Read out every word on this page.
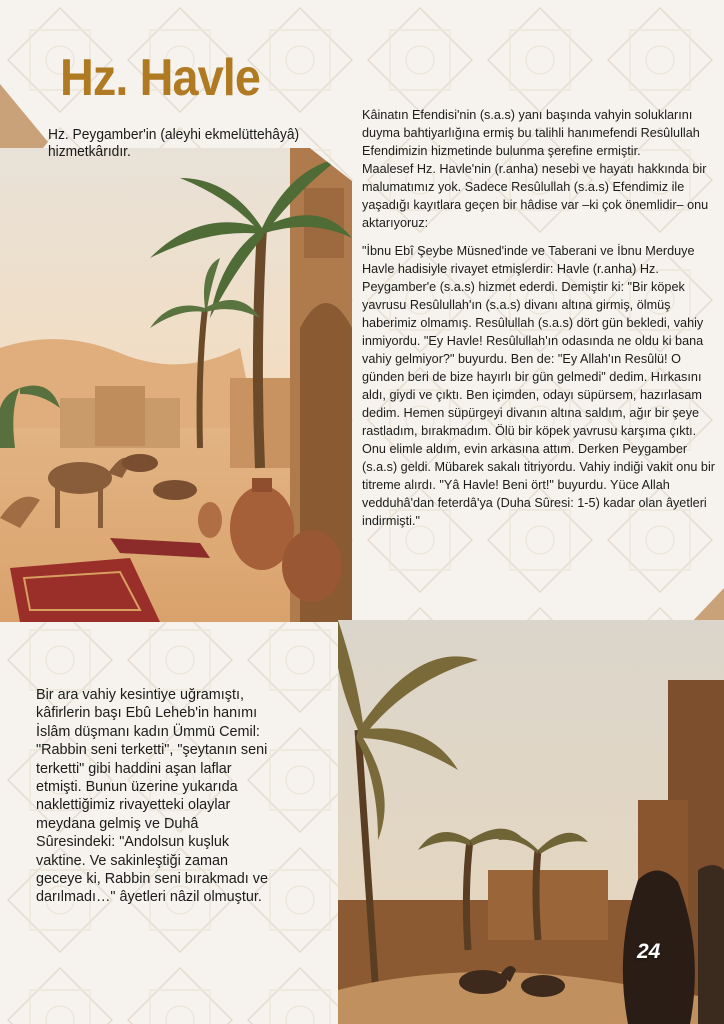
Hz. Havle
Hz. Peygamber'in (aleyhi ekmelüttehâyâ) hizmetkârıdır.

Kâinatın Efendisi'nin (s.a.s) yanı başında vahyin soluklarını duyma bahtiyarlığına ermiş bu talihli hanımefendi Resûlullah Efendimizin hizmetinde bulunma şerefine ermiştir.

Maalesef Hz. Havle'nin (r.anha) nesebi ve hayatı hakkında bir malumatımız yok. Sadece Resûlullah (s.a.s) Efendimiz ile yaşadığı kayıtlara geçen bir hâdise var –ki çok önemlidir– onu aktarıyoruz:

"İbnu Ebî Şeybe Müsned'inde ve Taberani ve İbnu Merduye Havle hadisiyle rivayet etmişlerdir: Havle (r.anha) Hz. Peygamber'e (s.a.s) hizmet ederdi. Demiştir ki: "Bir köpek yavrusu Resûlullah'ın (s.a.s) divanı altına girmiş, ölmüş haberimiz olmamış. Resûlullah (s.a.s) dört gün bekledi, vahiy inmiyordu. "Ey Havle! Resûlullah'ın odasında ne oldu ki bana vahiy gelmiyor?" buyurdu. Ben de: "Ey Allah'ın Resûlü! O günden beri de bize hayırlı bir gün gelmedi" dedim. Hırkasını aldı, giydi ve çıktı. Ben içimden, odayı süpürsem, hazırlasam dedim. Hemen süpürgeyi divanın altına saldım, ağır bir şeye rastladım, bırakmadım. Ölü bir köpek yavrusu karşıma çıktı. Onu elimle aldım, evin arkasına attım. Derken Peygamber (s.a.s) geldi. Mübarek sakalı titriyordu. Vahiy indiği vakit onu bir titreme alırdı. "Yâ Havle! Beni ört!" buyurdu. Yüce Allah vedduhâ'dan feterdâ'ya (Duha Sûresi: 1-5) kadar olan âyetleri indirmişti."

Bir ara vahiy kesintiye uğramıştı, kâfirlerin başı Ebû Leheb'in hanımı İslâm düşmanı kadın Ümmü Cemil: "Rabbin seni terketti", "şeytanın seni terketti" gibi haddini aşan laflar etmişti. Bunun üzerine yukarıda naklettiğimiz rivayetteki olaylar meydana gelmiş ve Duhâ Sûresindeki: "Andolsun kuşluk vaktine. Ve sakinleştiği zaman geceye ki, Rabbin seni bırakmadı ve darılmadı…" âyetleri nâzil olmuştur.

24
